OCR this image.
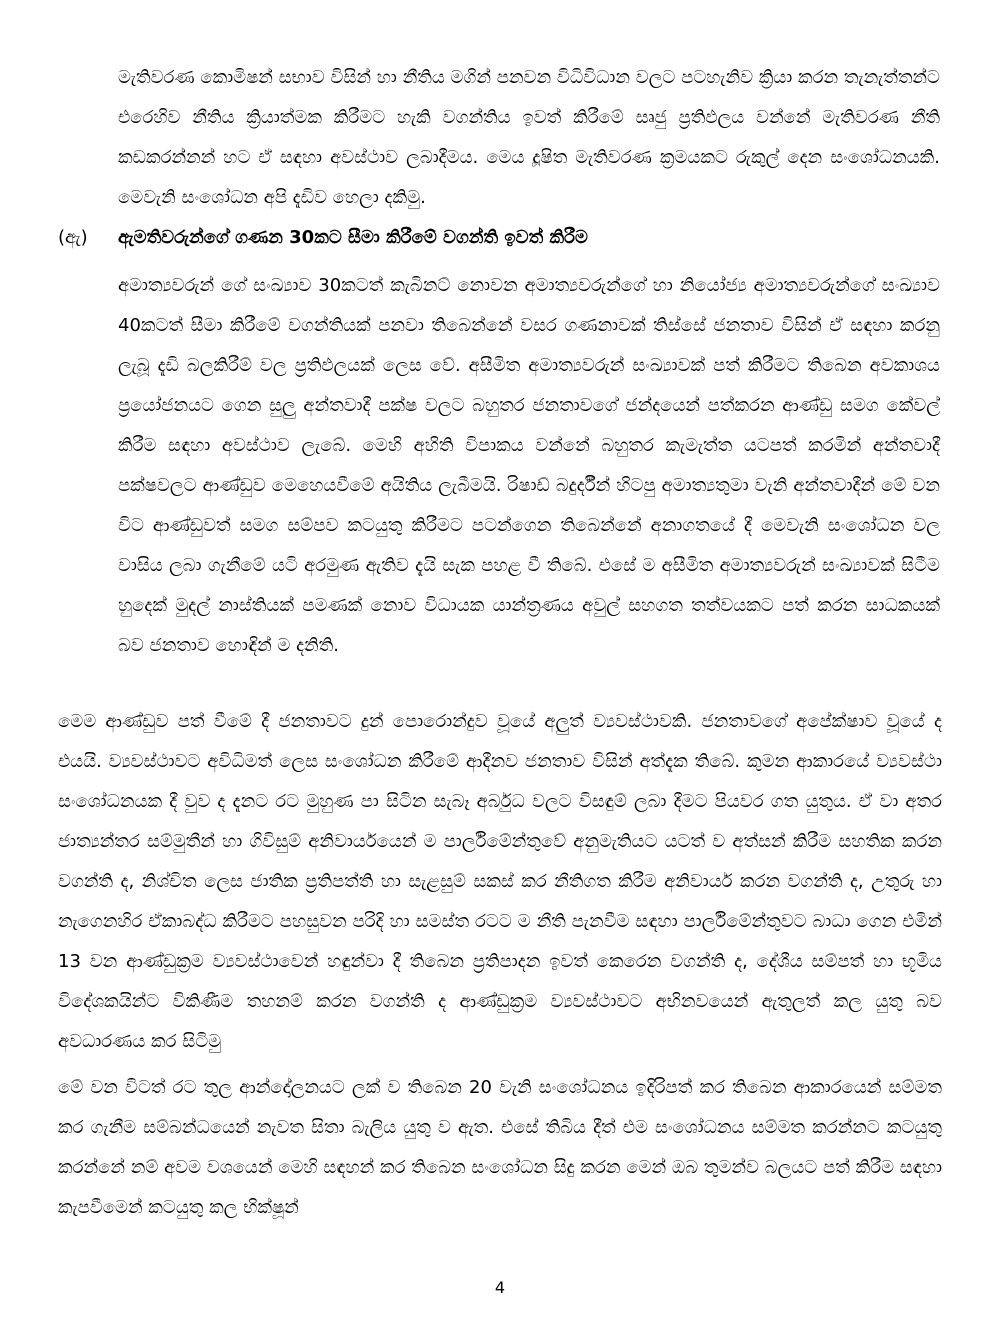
මැතිවරණ කොමිෂන් සභාව විසින් හා නීතිය මගින් පනවන විධිවිධාන වලට පටහැනිව ක්‍රියා කරන තැනැත්තන්ට එරෙහිව නීතිය ක්‍රියාත්මක කිරීමට හැකි වගන්තිය ඉවත් කිරීමේ සෘජු ප්‍රතිඵලය වන්නේ මැතිවරණ නීති කඩකරන්නන් හට ඒ සඳහා අවස්ථාව ලබාදීමය. මෙය දූෂිත මැතිවරණ ක්‍රමයකට රුකුල් දෙන සංශෝධනයකි. මෙවැනි සංශෝධන අපි දැඩිව හෙලා දකිමු.

(ඇ) ඇමතිවරුන්ගේ ගණන 30කට සීමා කිරීමේ වගන්ති ඉවත් කිරීම

අමාත්‍යවරුන් ගේ සංඛ්‍යාව 30කටත් කැබිනට් නොවන අමාත්‍යවරුන්ගේ හා නියෝජ්‍ය අමාත්‍යවරුන්ගේ සංඛ්‍යාව 40කටත් සීමා කිරීමේ වගන්තියක් පනවා තිබෙන්නේ වසර ගණනාවක් තිස්සේ ජනතාව විසින් ඒ සඳහා කරනු ලැබූ දැඩි බලකිරීම් වල ප්‍රතිඵලයක් ලෙස වේ. අසීමිත අමාත්‍යවරුන් සංඛ්‍යාවක් පත් කිරීමට තිබෙන අවකාශය ප්‍රයෝජනයට ගෙන සුලු අන්තවාදී පක්ෂ වලට බහුතර ජනතාවගේ ජන්දයෙන් පත්කරන ආණ්ඩු සමග කේවල් කිරීම සඳහා අවස්ථාව ලැබේ. මෙහි අහිති විපාකය වන්නේ බහුතර කැමැත්ත යටපත් කරමින් අන්තවාදී පක්ෂවලට ආණ්ඩුව මෙහෙයවීමේ අයිතිය ලැබීමයි. රිෂාඩ් බදුර්දීන් හිටපු අමාත්‍යතුමා වැනි අන්තවාදීන් මේ වන විට ආණ්ඩුවත් සමග සම්පව කටයුතු කිරීමට පටන්ගෙන තිබෙන්නේ අනාගතයේ දී මෙවැනි සංශෝධන වල වාසිය ලබා ගැනීමේ යටි අරමුණ ඇතිව දැයි සැක පහළ වී තිබේ. එසේ ම අසීමිත අමාත්‍යවරුන් සංඛ්‍යාවක් සිටීම හුදෙක් මුදල් නාස්තියක් පමණක් නොව විධායක යාන්ත්‍රණය අවුල් සහගත තත්වයකට පත් කරන සාධකයක් බව ජනතාව හොඳින් ම දනිති.

මෙම ආණ්ඩුව පත් වීමේ දී ජනතාවට දුන් පොරොන්දුව වූයේ අලුත් ව්‍යවස්ථාවකි. ජනතාවගේ අපේක්ෂාව වූයේ ද එයයි. ව්‍යවස්ථාවට අවිධිමත් ලෙස සංශෝධන කිරීමේ ආදීනව ජනතාව විසින් අත්දැක තිබේ. කුමන ආකාරයේ ව්‍යවස්ථා සංශෝධනයක දී වුව ද දැනට රට මුහුණ පා සිටින සැබෑ අර්බුධ වලට විසඳුම් ලබා දීමට පියවර ගත යුතුය. ඒ වා අතර ජාත්‍යන්තර සම්මුතීන් හා ගිවිසුම් අනිවාර්යයෙන් ම පාර්ලිමේන්තුවේ අනුමැතියට යටත් ව අත්සන් කිරීම සහතික කරන වගන්ති ද, නිශ්චිත ලෙස ජාතික ප්‍රතිපත්ති හා සැළසුම් සකස් කර නීතිගත කිරීම අනිවාර්ය කරන වගන්ති ද, උතුරු හා නැගෙනහිර ඒකාබද්ධ කිරීමට පහසුවන පරිදි හා සමස්ත රටට ම නීති පැනවීම සඳහා පාර්ලිමේන්තුවට බාධා ගෙන එමින් 13 වන ආණ්ඩුක්‍රම ව්‍යවස්ථාවෙන් හඳුන්වා දී තිබෙන ප්‍රතිපාදන ඉවත් කෙරෙන වගන්ති ද, දේශීය සම්පත් හා භූමිය විදේශකයින්ට විකිණීම තහනම් කරන වගන්ති ද ආණ්ඩුක්‍රම ව්‍යවස්ථාවට අභිනවයෙන් ඇතුලත් කල යුතු බව අවධාරණය කර සිටිමු

මේ වන විටත් රට තුල ආන්දෝලනයට ලක් ව තිබෙන 20 වැනි සංශෝධනය ඉදිරිපත් කර තිබෙන ආකාරයෙන් සම්මත කර ගැනීම සම්බන්ධයෙන් නැවත සිතා බැලිය යුතු ව ඇත. එසේ තිබිය දීත් එම සංශෝධනය සම්මත කරන්නට කටයුතු කරන්නේ නම් අවම වශයෙන් මෙහි සඳහන් කර තිබෙන සංශෝධන සිදු කරන මෙන් ඔබ තුමන්ව බලයට පත් කිරීම සඳහා කැපවීමෙන් කටයුතු කල භික්ෂූන්

4
